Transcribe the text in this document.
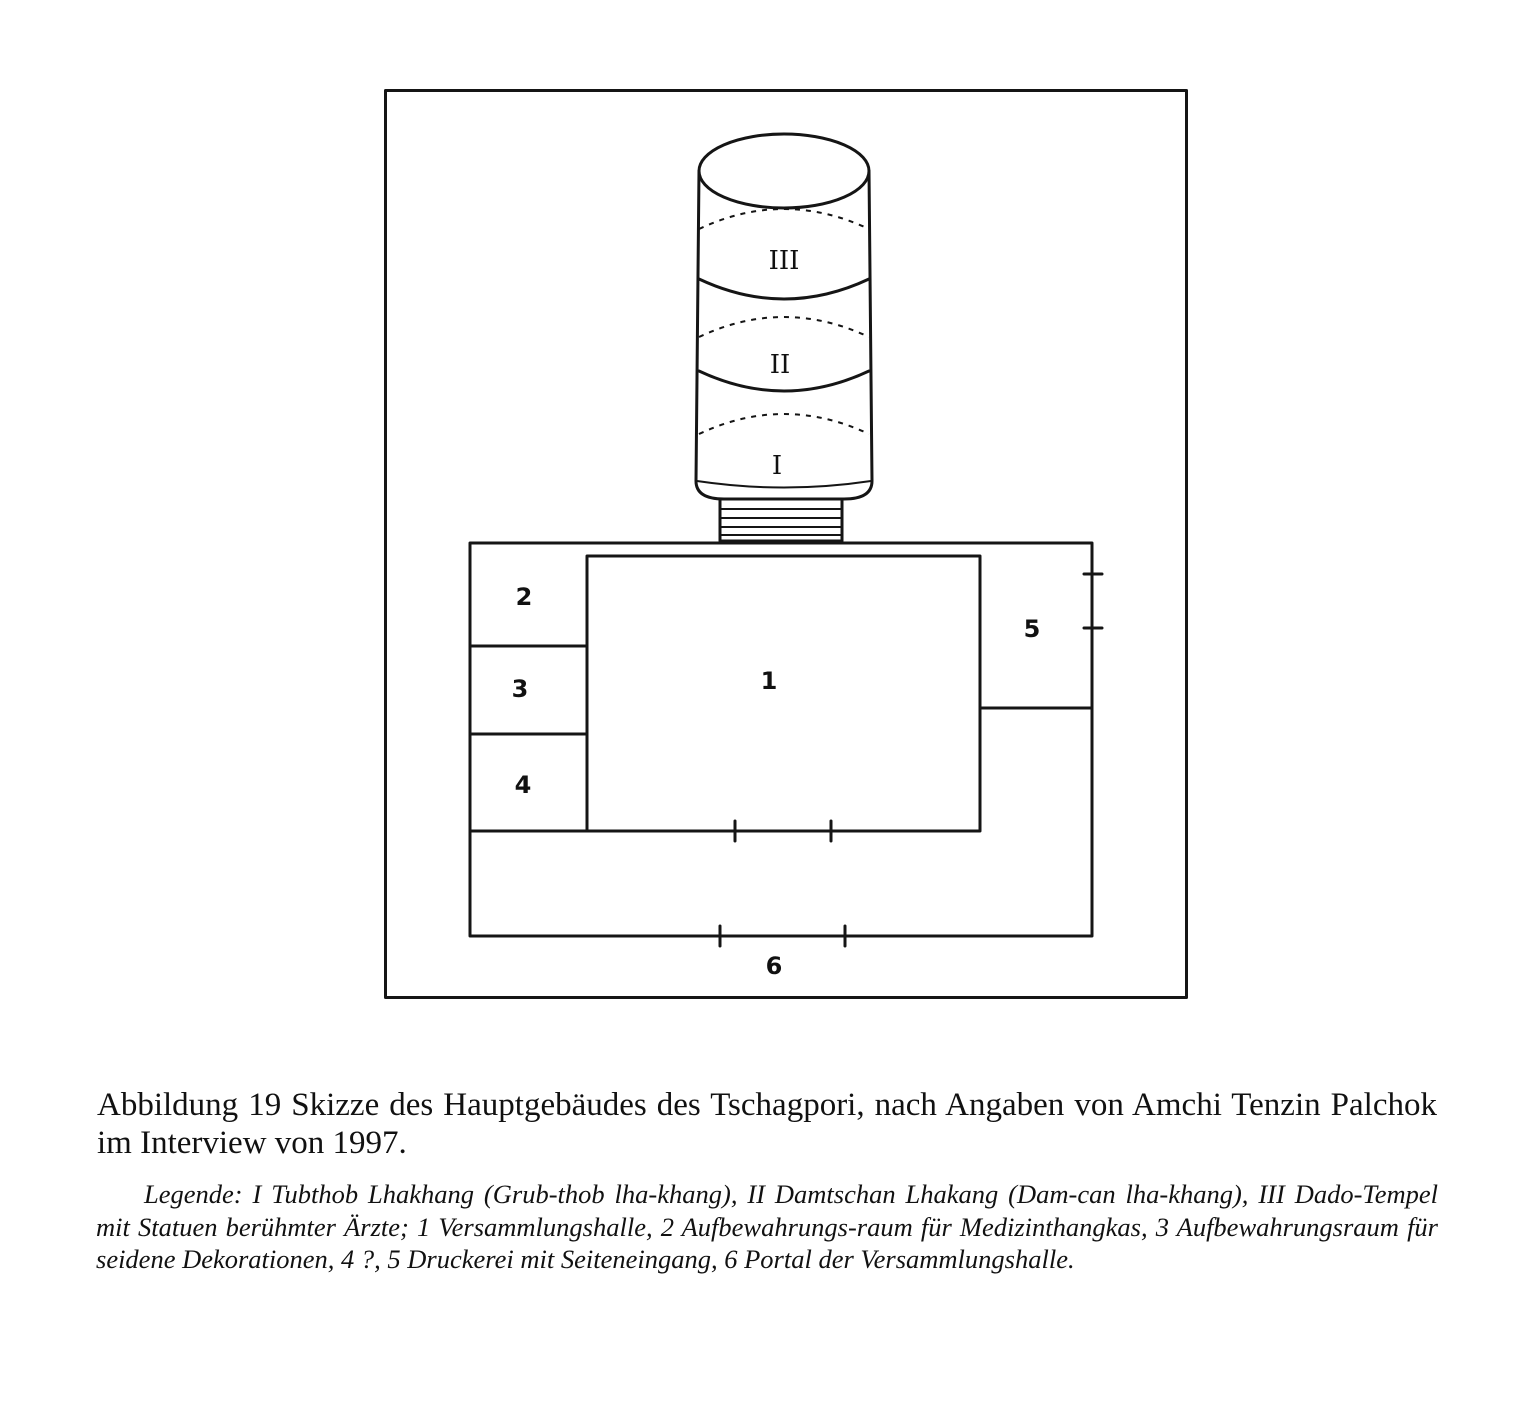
III
II
I
1
2
3
4
5
6

Abbildung 19 Skizze des Hauptgebäudes des Tschagpori, nach Angaben von Amchi Tenzin Palchok im Interview von 1997.

Legende: I Tubthob Lhakhang (Grub-thob lha-khang), II Damtschan Lhakang (Dam-can lha-khang), III Dado-Tempel mit Statuen berühmter Ärzte; 1 Versammlungshalle, 2 Aufbewahrungs-raum für Medizinthangkas, 3 Aufbewahrungsraum für seidene Dekorationen, 4 ?, 5 Druckerei mit Seiteneingang, 6 Portal der Versammlungshalle.
